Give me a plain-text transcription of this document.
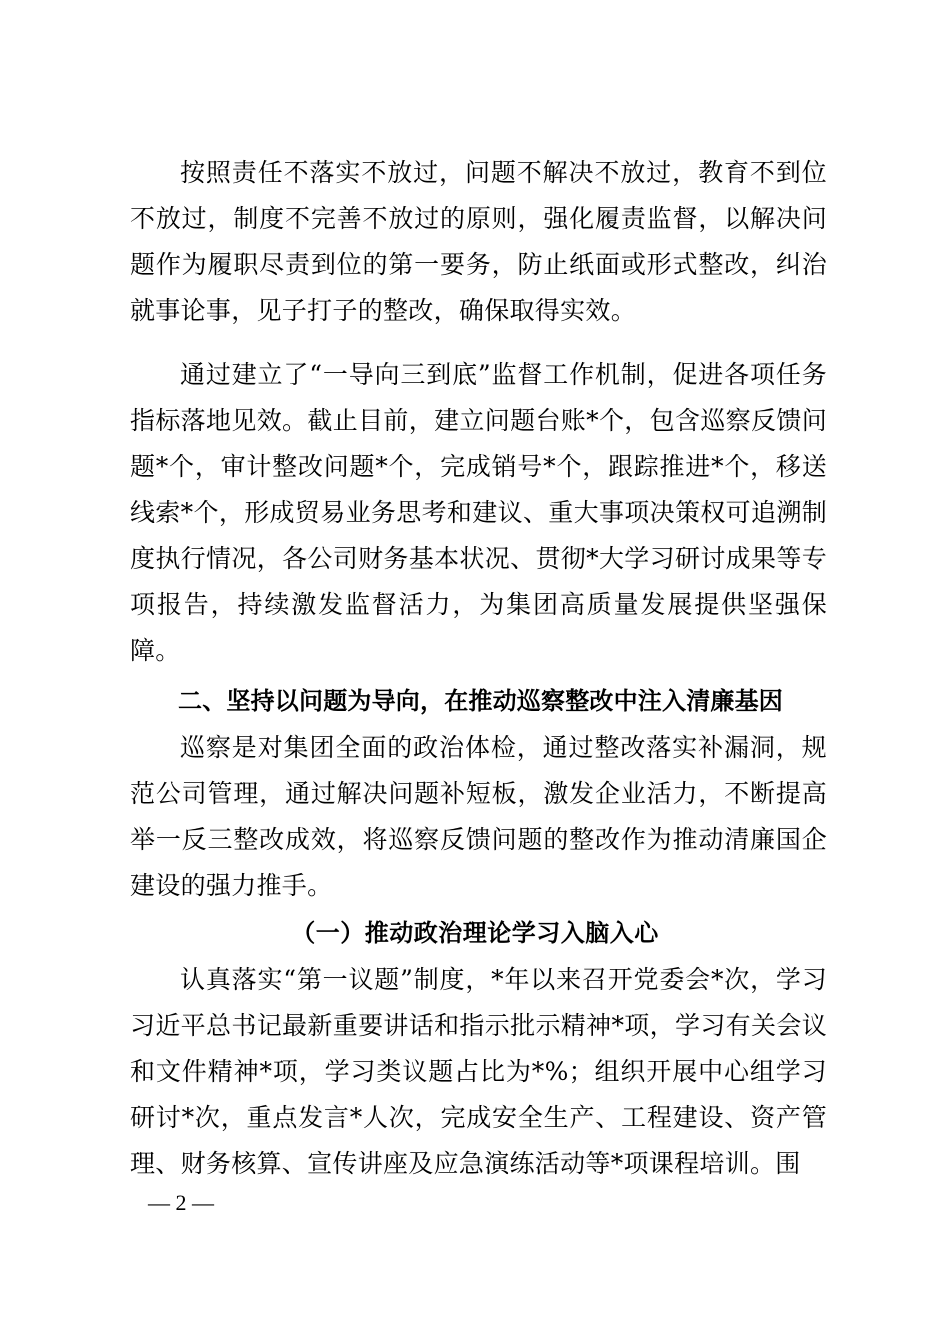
按照责任不落实不放过，问题不解决不放过，教育不到位不放过，制度不完善不放过的原则，强化履责监督，以解决问题作为履职尽责到位的第一要务，防止纸面或形式整改，纠治就事论事，见子打子的整改，确保取得实效。

通过建立了“一导向三到底”监督工作机制，促进各项任务指标落地见效。截止目前，建立问题台账*个，包含巡察反馈问题*个，审计整改问题*个，完成销号*个，跟踪推进*个，移送线索*个，形成贸易业务思考和建议、重大事项决策权可追溯制度执行情况，各公司财务基本状况、贯彻*大学习研讨成果等专项报告，持续激发监督活力，为集团高质量发展提供坚强保障。

二、坚持以问题为导向，在推动巡察整改中注入清廉基因

巡察是对集团全面的政治体检，通过整改落实补漏洞，规范公司管理，通过解决问题补短板，激发企业活力，不断提高举一反三整改成效，将巡察反馈问题的整改作为推动清廉国企建设的强力推手。

（一）推动政治理论学习入脑入心

认真落实“第一议题”制度，*年以来召开党委会*次，学习习近平总书记最新重要讲话和指示批示精神*项，学习有关会议和文件精神*项，学习类议题占比为*%；组织开展中心组学习研讨*次，重点发言*人次，完成安全生产、工程建设、资产管理、财务核算、宣传讲座及应急演练活动等*项课程培训。围

— 2 —
